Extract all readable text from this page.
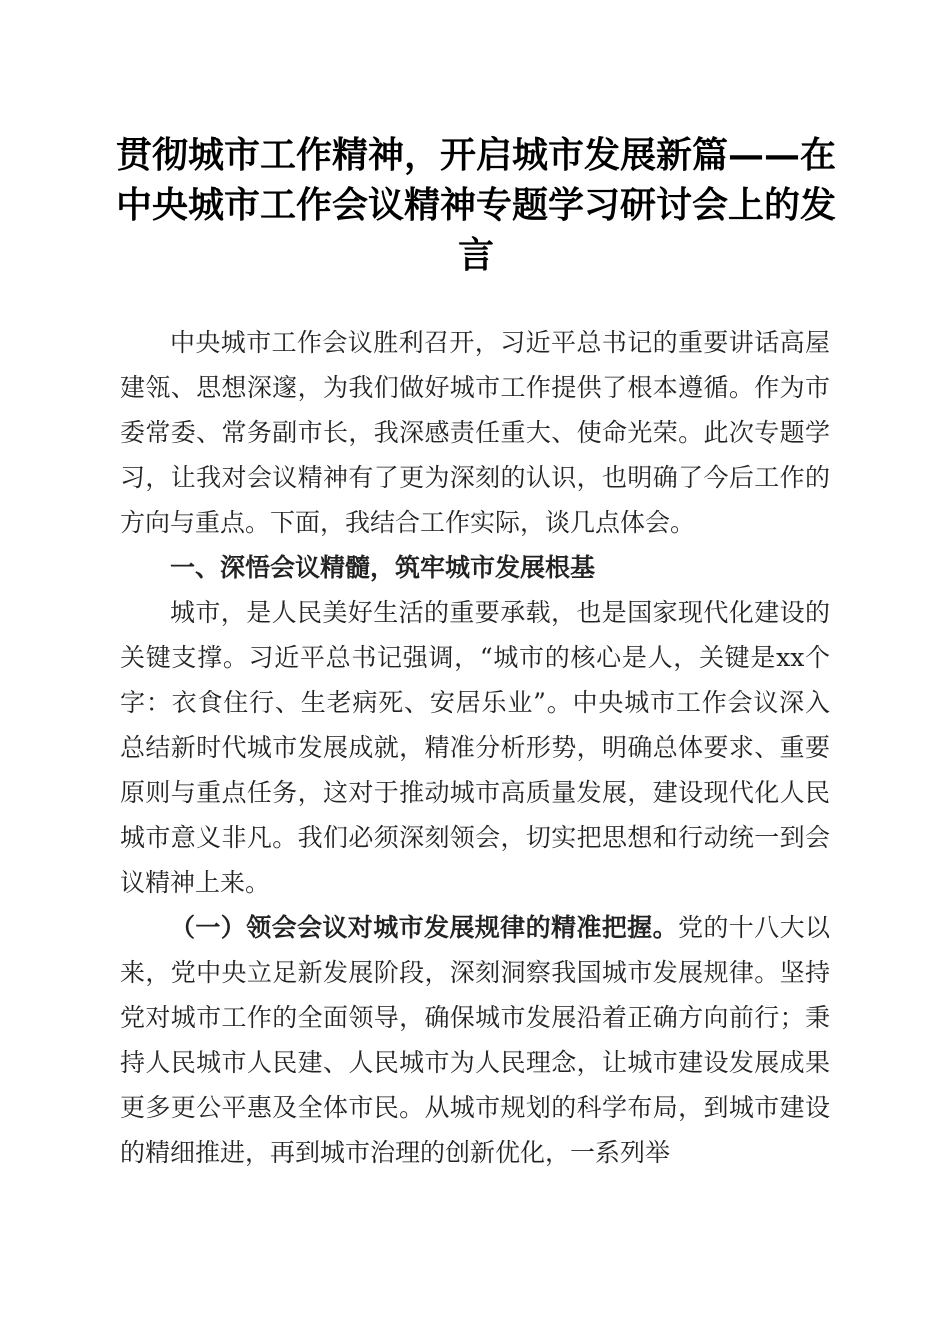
贯彻城市工作精神，开启城市发展新篇——在中央城市工作会议精神专题学习研讨会上的发言

中央城市工作会议胜利召开，习近平总书记的重要讲话高屋建瓴、思想深邃，为我们做好城市工作提供了根本遵循。作为市委常委、常务副市长，我深感责任重大、使命光荣。此次专题学习，让我对会议精神有了更为深刻的认识，也明确了今后工作的方向与重点。下面，我结合工作实际，谈几点体会。

一、深悟会议精髓，筑牢城市发展根基

城市，是人民美好生活的重要承载，也是国家现代化建设的关键支撑。习近平总书记强调，“城市的核心是人，关键是xx个字：衣食住行、生老病死、安居乐业”。中央城市工作会议深入总结新时代城市发展成就，精准分析形势，明确总体要求、重要原则与重点任务，这对于推动城市高质量发展，建设现代化人民城市意义非凡。我们必须深刻领会，切实把思想和行动统一到会议精神上来。

（一）领会会议对城市发展规律的精准把握。党的十八大以来，党中央立足新发展阶段，深刻洞察我国城市发展规律。坚持党对城市工作的全面领导，确保城市发展沿着正确方向前行；秉持人民城市人民建、人民城市为人民理念，让城市建设发展成果更多更公平惠及全体市民。从城市规划的科学布局，到城市建设的精细推进，再到城市治理的创新优化，一系列举
